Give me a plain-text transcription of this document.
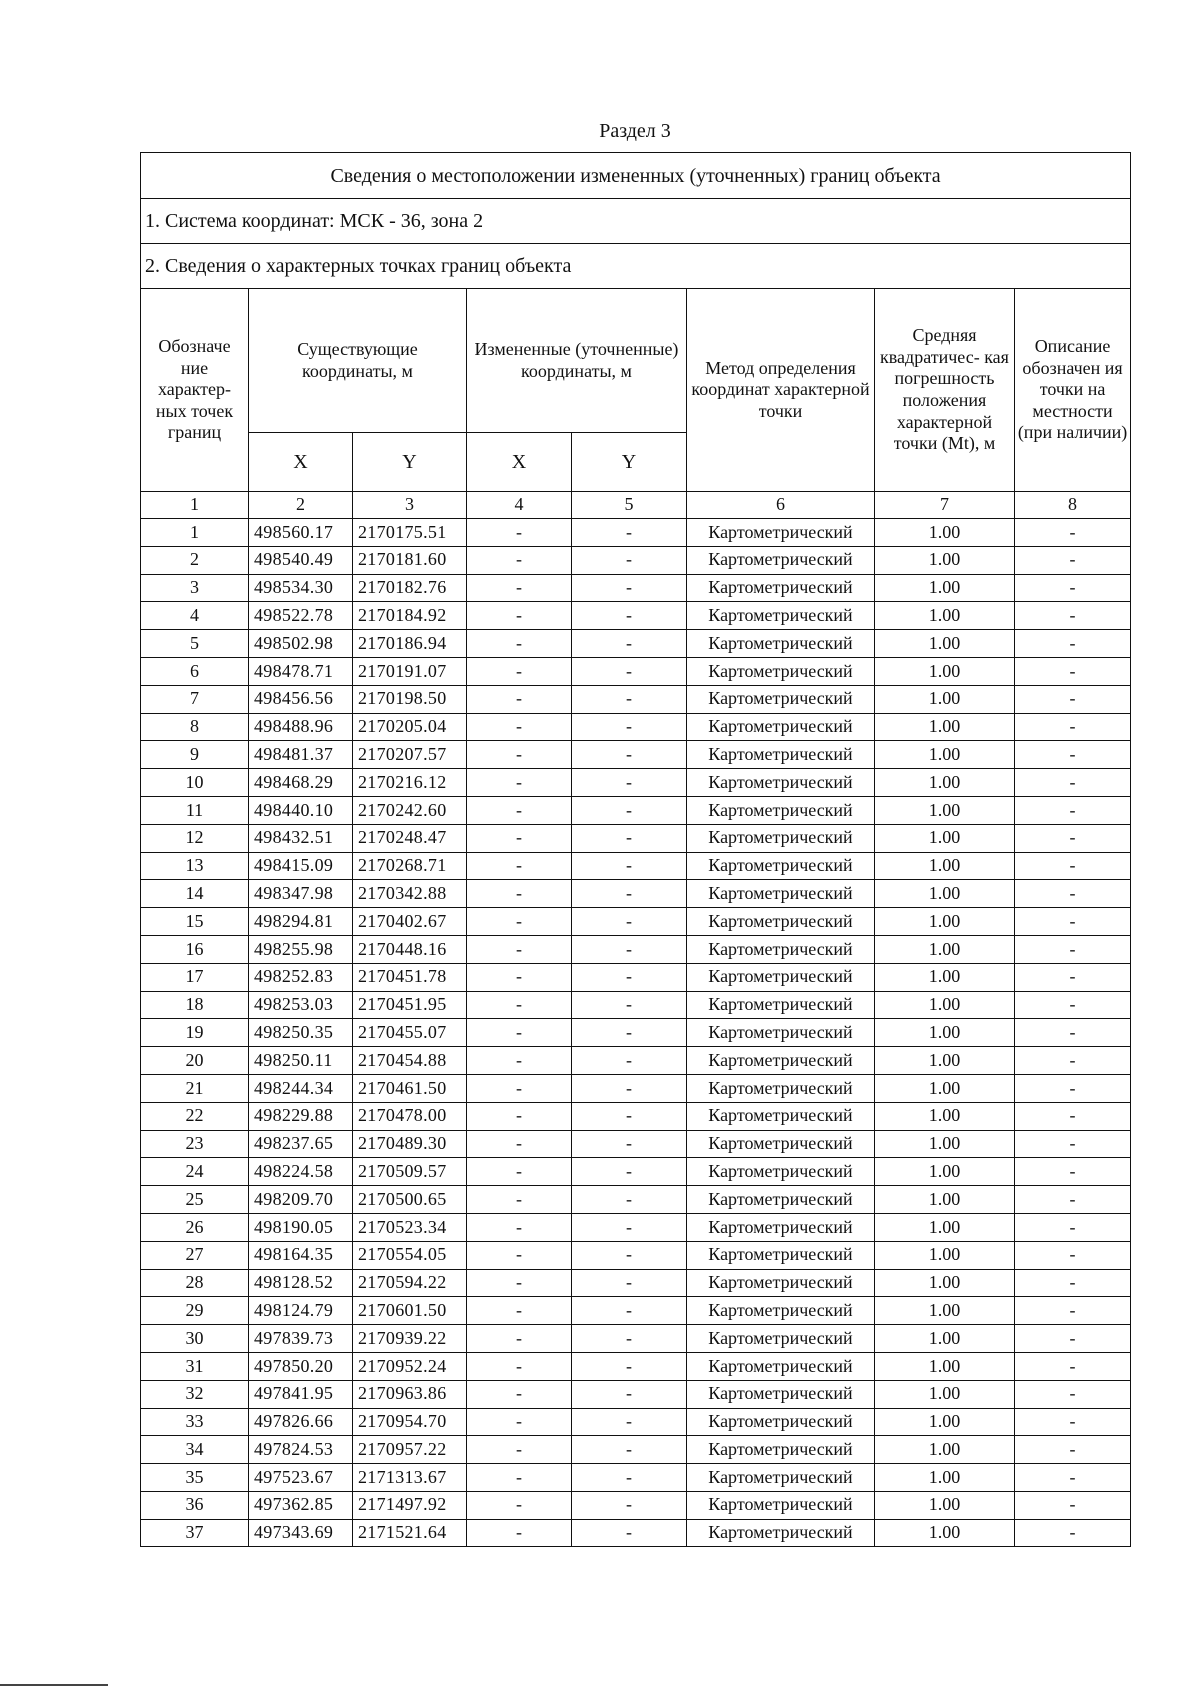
Раздел 3
Сведения о местоположении измененных (уточненных) границ объекта							
1. Система координат: МСК - 36, зона 2							
2. Сведения о характерных точках границ объекта							
Обозначе ние характер- ных точек границ	Существующие координаты, м		Измененные (уточненные) координаты, м		Метод определения координат характерной точки	Средняя квадратичес- кая погрешность положения характерной точки (Mt), м	Описание обозначен ия точки на местности (при наличии)
	X	Y	X	Y			
1	2	3	4	5	6	7	8
1	498560.17	2170175.51	-	-	Картометрический	1.00	-
2	498540.49	2170181.60	-	-	Картометрический	1.00	-
3	498534.30	2170182.76	-	-	Картометрический	1.00	-
4	498522.78	2170184.92	-	-	Картометрический	1.00	-
5	498502.98	2170186.94	-	-	Картометрический	1.00	-
6	498478.71	2170191.07	-	-	Картометрический	1.00	-
7	498456.56	2170198.50	-	-	Картометрический	1.00	-
8	498488.96	2170205.04	-	-	Картометрический	1.00	-
9	498481.37	2170207.57	-	-	Картометрический	1.00	-
10	498468.29	2170216.12	-	-	Картометрический	1.00	-
11	498440.10	2170242.60	-	-	Картометрический	1.00	-
12	498432.51	2170248.47	-	-	Картометрический	1.00	-
13	498415.09	2170268.71	-	-	Картометрический	1.00	-
14	498347.98	2170342.88	-	-	Картометрический	1.00	-
15	498294.81	2170402.67	-	-	Картометрический	1.00	-
16	498255.98	2170448.16	-	-	Картометрический	1.00	-
17	498252.83	2170451.78	-	-	Картометрический	1.00	-
18	498253.03	2170451.95	-	-	Картометрический	1.00	-
19	498250.35	2170455.07	-	-	Картометрический	1.00	-
20	498250.11	2170454.88	-	-	Картометрический	1.00	-
21	498244.34	2170461.50	-	-	Картометрический	1.00	-
22	498229.88	2170478.00	-	-	Картометрический	1.00	-
23	498237.65	2170489.30	-	-	Картометрический	1.00	-
24	498224.58	2170509.57	-	-	Картометрический	1.00	-
25	498209.70	2170500.65	-	-	Картометрический	1.00	-
26	498190.05	2170523.34	-	-	Картометрический	1.00	-
27	498164.35	2170554.05	-	-	Картометрический	1.00	-
28	498128.52	2170594.22	-	-	Картометрический	1.00	-
29	498124.79	2170601.50	-	-	Картометрический	1.00	-
30	497839.73	2170939.22	-	-	Картометрический	1.00	-
31	497850.20	2170952.24	-	-	Картометрический	1.00	-
32	497841.95	2170963.86	-	-	Картометрический	1.00	-
33	497826.66	2170954.70	-	-	Картометрический	1.00	-
34	497824.53	2170957.22	-	-	Картометрический	1.00	-
35	497523.67	2171313.67	-	-	Картометрический	1.00	-
36	497362.85	2171497.92	-	-	Картометрический	1.00	-
37	497343.69	2171521.64	-	-	Картометрический	1.00	-
